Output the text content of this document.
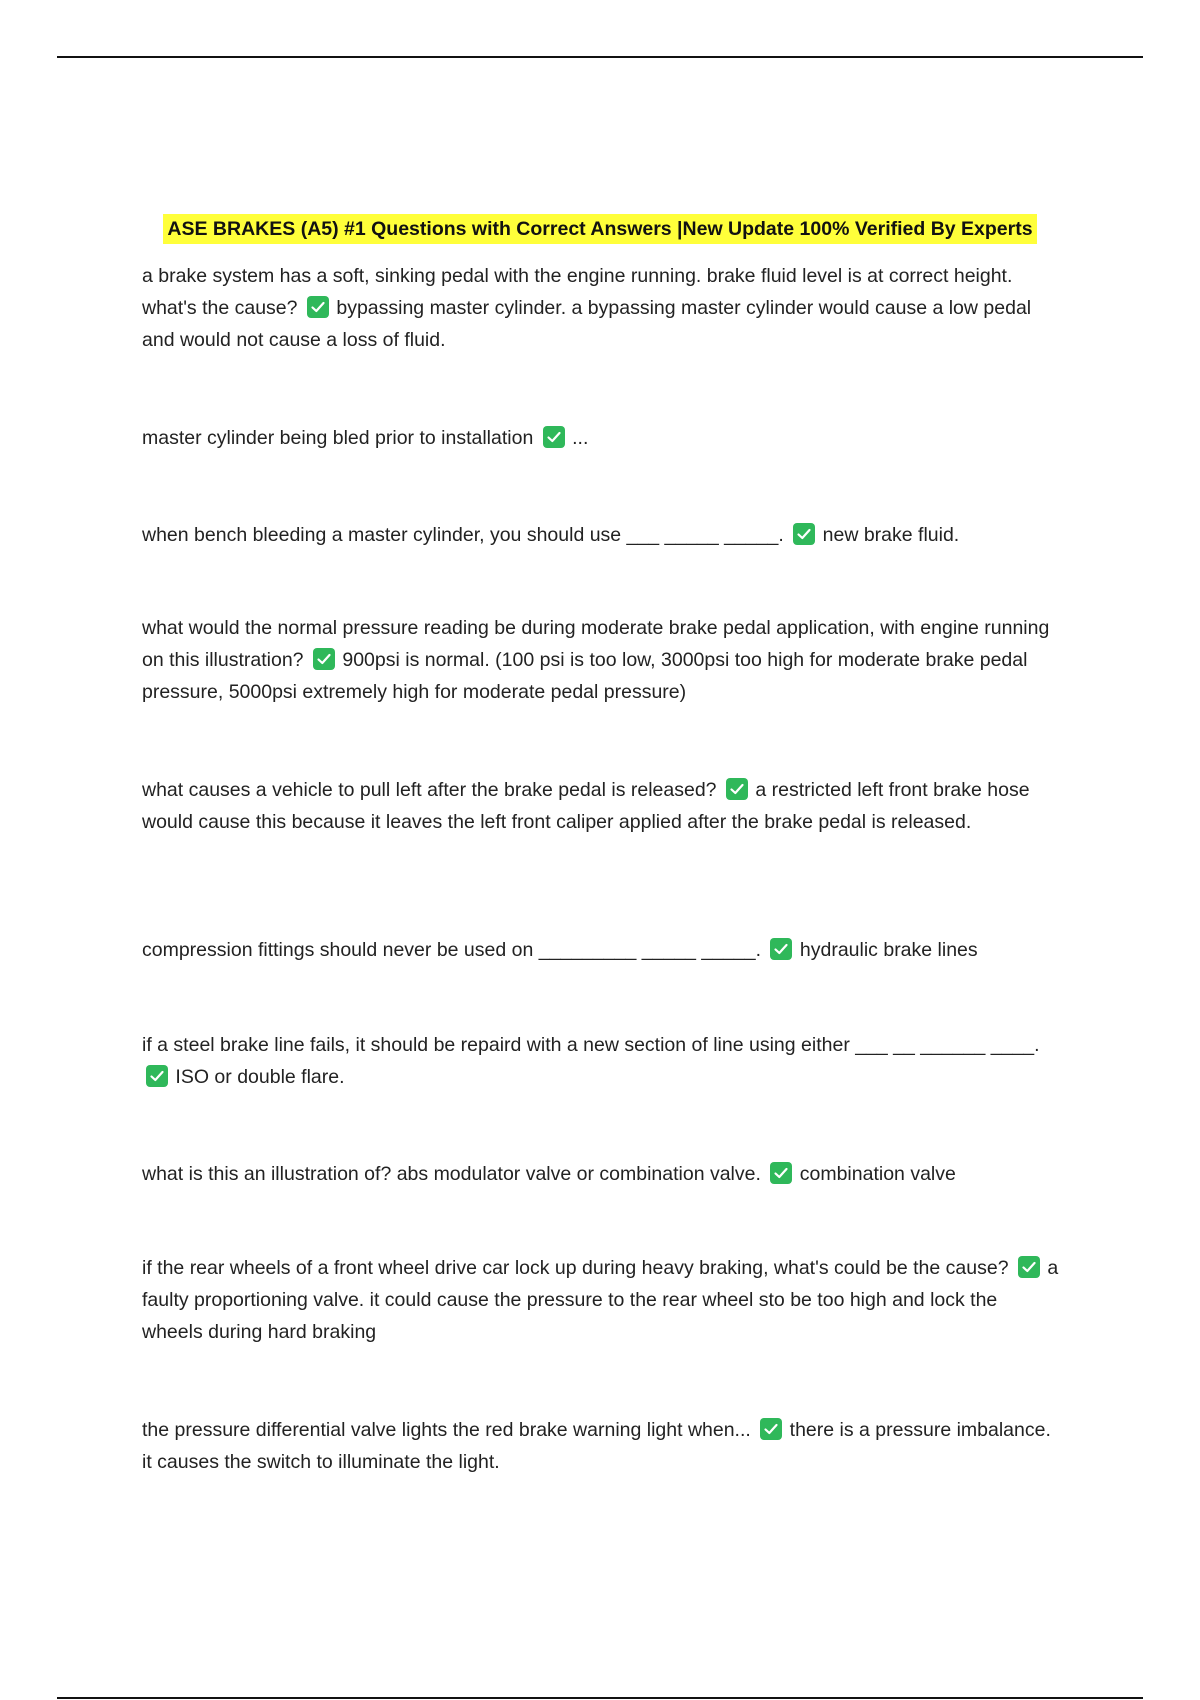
ASE BRAKES (A5) #1 Questions with Correct Answers |New Update 100% Verified By Experts
a brake system has a soft, sinking pedal with the engine running. brake fluid level is at correct height. what's the cause? bypassing master cylinder. a bypassing master cylinder would cause a low pedal and would not cause a loss of fluid.
master cylinder being bled prior to installation ...
when bench bleeding a master cylinder, you should use ___ _____ _____. new brake fluid.
what would the normal pressure reading be during moderate brake pedal application, with engine running on this illustration? 900psi is normal. (100 psi is too low, 3000psi too high for moderate brake pedal pressure, 5000psi extremely high for moderate pedal pressure)
what causes a vehicle to pull left after the brake pedal is released? a restricted left front brake hose would cause this because it leaves the left front caliper applied after the brake pedal is released.
compression fittings should never be used on _________ _____ _____. hydraulic brake lines
if a steel brake line fails, it should be repaird with a new section of line using either ___ __ ______ ____.
ISO or double flare.
what is this an illustration of? abs modulator valve or combination valve. combination valve
if the rear wheels of a front wheel drive car lock up during heavy braking, what's could be the cause? a faulty proportioning valve. it could cause the pressure to the rear wheel sto be too high and lock the wheels during hard braking
the pressure differential valve lights the red brake warning light when... there is a pressure imbalance. it causes the switch to illuminate the light.
